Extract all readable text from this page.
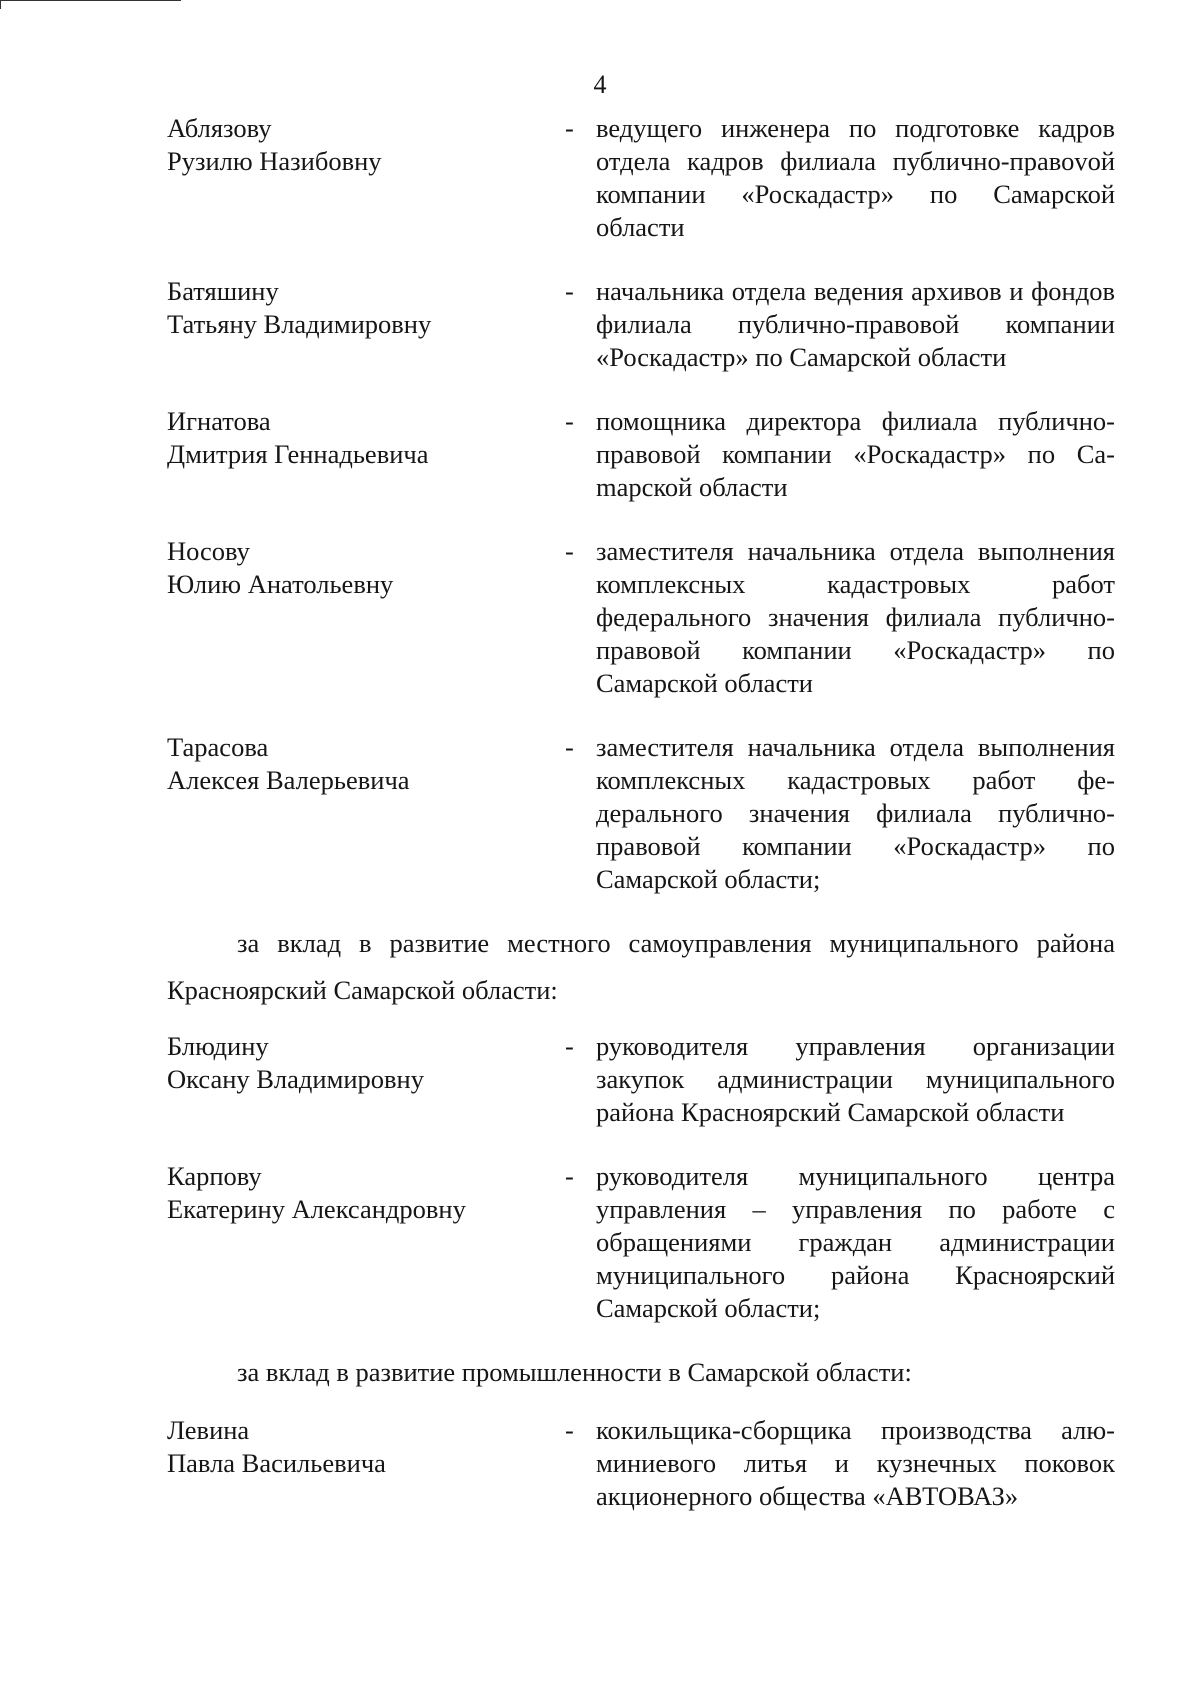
4
Аблязову
Рузилю Назибовну
- ведущего инженера по подготовке кадров отдела кадров филиала публично-правоvой компании «Роскадастр» по Самарской области
Батяшину
Татьяну Владимировну
- начальника отдела ведения архивов и фондов филиала публично-правовой компании «Роскадастр» по Самарской области
Игнатова
Дмитрия Геннадьевича
- помощника директора филиала публично-правовой компании «Роскадастр» по Саmарской области
Носову
Юлию Анатольевну
- заместителя начальника отдела выполнения комплексных кадастровых работ федерального значения филиала публично-правовой компании «Роскадастр» по Самарской области
Тарасова
Алексея Валерьевича
- заместителя начальника отдела выполнения комплексных кадастровых работ федерального значения филиала публично-правовой компании «Роскадастр» по Самарской области;
за вклад в развитие местного самоуправления муниципального района Красноярский Самарской области:
Блюдину
Оксану Владимировну
- руководителя управления организации закупок администрации муниципального района Красноярский Самарской области
Карпову
Екатерину Александровну
- руководителя муниципального центра управления – управления по работе с обращениями граждан администрации муниципального района Красноярский Самарской области;
за вклад в развитие промышленности в Самарской области:
Левина
Павла Васильевича
- кокильщика-сборщика производства алюминиевого литья и кузнечных поковок акционерного общества «АВТОВАЗ»
